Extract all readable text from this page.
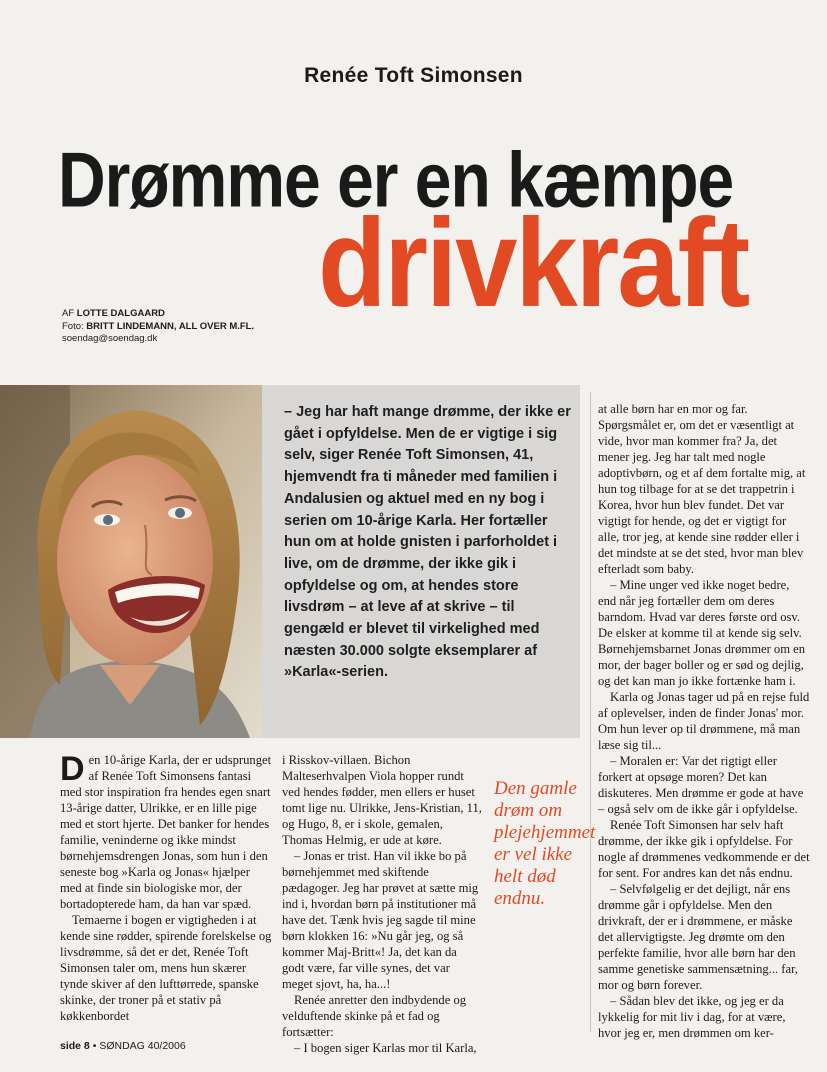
Renée Toft Simonsen
Drømme er en kæmpe
drivkraft
AF LOTTE DALGAARD
Foto: BRITT LINDEMANN, ALL OVER M.FL.
soendag@soendag.dk
– Jeg har haft mange drømme, der ikke er gået i opfyldelse. Men de er vigtige i sig selv, siger Renée Toft Simonsen, 41, hjemvendt fra ti måneder med familien i Andalusien og aktuel med en ny bog i serien om 10-årige Karla. Her fortæller hun om at holde gnisten i parforholdet i live, om de drømme, der ikke gik i opfyldelse og om, at hendes store livsdrøm – at leve af at skrive – til gengæld er blevet til virkelighed med næsten 30.000 solgte eksemplarer af »Karla«-serien.

at alle børn har en mor og far. Spørgsmålet er, om det er væsentligt at vide, hvor man kommer fra? Ja, det mener jeg. Jeg har talt med nogle adoptivbørn, og et af dem fortalte mig, at hun tog tilbage for at se det trappetrin i Korea, hvor hun blev fundet. Det var vigtigt for hende, og det er vigtigt for alle, tror jeg, at kende sine rødder eller i det mindste at se det sted, hvor man blev efterladt som baby.

– Mine unger ved ikke noget bedre, end når jeg fortæller dem om deres barndom. Hvad var deres første ord osv. De elsker at komme til at kende sig selv. Børnehjemsbarnet Jonas drømmer om en mor, der bager boller og er sød og dejlig, og det kan man jo ikke fortænke ham i.

Karla og Jonas tager ud på en rejse fuld af oplevelser, inden de finder Jonas' mor. Om hun lever op til drømmene, må man læse sig til...

– Moralen er: Var det rigtigt eller forkert at opsøge moren? Det kan diskuteres. Men drømme er gode at have – også selv om de ikke går i opfyldelse.

Renée Toft Simonsen har selv haft drømme, der ikke gik i opfyldelse. For nogle af drømmenes vedkommende er det for sent. For andres kan det nås endnu.

– Selvfølgelig er det dejligt, når ens drømme går i opfyldelse. Men den drivkraft, der er i drømmene, er måske det allervigtigste. Jeg drømte om den perfekte familie, hvor alle børn har den samme genetiske sammensætning... far, mor og børn forever.

– Sådan blev det ikke, og jeg er da lykkelig for mit liv i dag, for at være, hvor jeg er, men drømmen om ker-

Den 10-årige Karla, der er udsprunget af Renée Toft Simonsens fantasi med stor inspiration fra hendes egen snart 13-årige datter, Ulrikke, er en lille pige med et stort hjerte. Det banker for hendes familie, veninderne og ikke mindst børnehjemsdrengen Jonas, som hun i den seneste bog »Karla og Jonas« hjælper med at finde sin biologiske mor, der bortadopterede ham, da han var spæd.

Temaerne i bogen er vigtigheden i at kende sine rødder, spirende forelskelse og livsdrømme, så det er det, Renée Toft Simonsen taler om, mens hun skærer tynde skiver af den lufttørrede, spanske skinke, der troner på et stativ på køkkenbordet

i Risskov-villaen. Bichon Malteserhvalpen Viola hopper rundt ved hendes fødder, men ellers er huset tomt lige nu. Ulrikke, Jens-Kristian, 11, og Hugo, 8, er i skole, gemalen, Thomas Helmig, er ude at køre.

– Jonas er trist. Han vil ikke bo på børnehjemmet med skiftende pædagoger. Jeg har prøvet at sætte mig ind i, hvordan børn på institutioner må have det. Tænk hvis jeg sagde til mine børn klokken 16: »Nu går jeg, og så kommer Maj-Britt«! Ja, det kan da godt være, far ville synes, det var meget sjovt, ha, ha...!

Renée anretter den indbydende og velduftende skinke på et fad og fortsætter:

– I bogen siger Karlas mor til Karla,

Den gamle drøm om plejehjemmet er vel ikke helt død endnu.
side 8 • SØNDAG 40/2006
